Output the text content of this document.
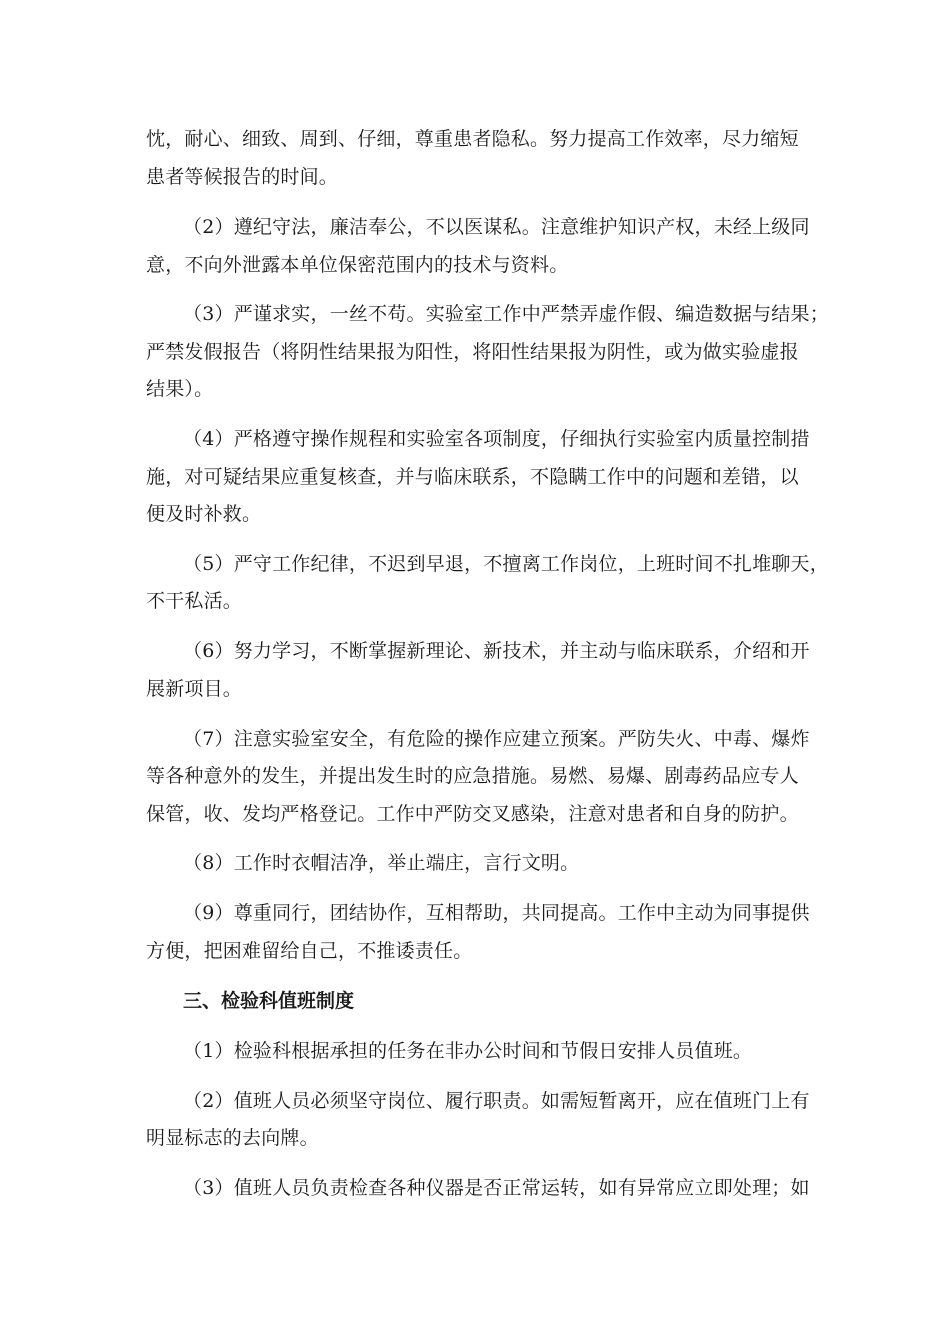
忱，耐心、细致、周到、仔细，尊重患者隐私。努力提高工作效率，尽力缩短
患者等候报告的时间。
（2）遵纪守法，廉洁奉公，不以医谋私。注意维护知识产权，未经上级同
意，不向外泄露本单位保密范围内的技术与资料。
（3）严谨求实，一丝不苟。实验室工作中严禁弄虚作假、编造数据与结果；
严禁发假报告（将阴性结果报为阳性，将阳性结果报为阴性，或为做实验虚报
结果）。
（4）严格遵守操作规程和实验室各项制度，仔细执行实验室内质量控制措
施，对可疑结果应重复核查，并与临床联系，不隐瞒工作中的问题和差错，以
便及时补救。
（5）严守工作纪律，不迟到早退，不擅离工作岗位，上班时间不扎堆聊天，
不干私活。
（6）努力学习，不断掌握新理论、新技术，并主动与临床联系，介绍和开
展新项目。
（7）注意实验室安全，有危险的操作应建立预案。严防失火、中毒、爆炸
等各种意外的发生，并提出发生时的应急措施。易燃、易爆、剧毒药品应专人
保管，收、发均严格登记。工作中严防交叉感染，注意对患者和自身的防护。
（8）工作时衣帽洁净，举止端庄，言行文明。
（9）尊重同行，团结协作，互相帮助，共同提高。工作中主动为同事提供
方便，把困难留给自己，不推诿责任。
三、检验科值班制度
（1）检验科根据承担的任务在非办公时间和节假日安排人员值班。
（2）值班人员必须坚守岗位、履行职责。如需短暂离开，应在值班门上有
明显标志的去向牌。
（3）值班人员负责检查各种仪器是否正常运转，如有异常应立即处理；如
